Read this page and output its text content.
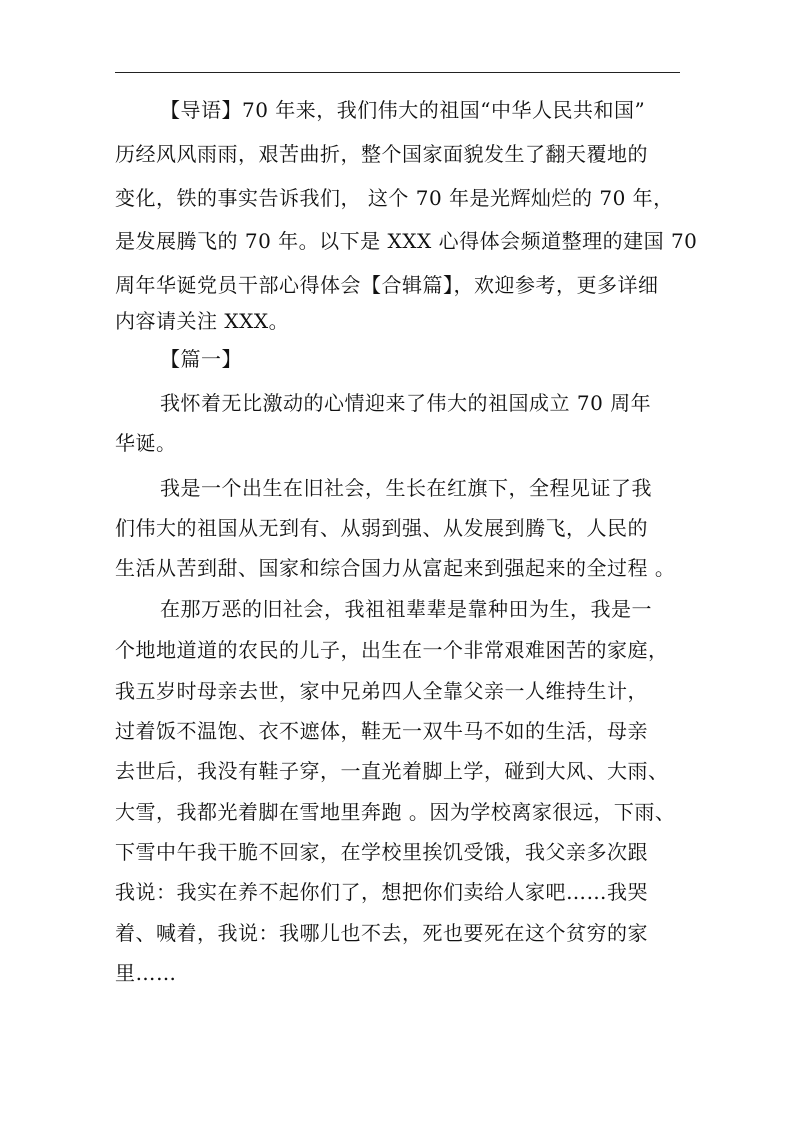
【导语】70 年来，我们伟大的祖国“中华人民共和国”
历经风风雨雨，艰苦曲折，整个国家面貌发生了翻天覆地的
变化，铁的事实告诉我们， 这个 70 年是光辉灿烂的 70 年，
是发展腾飞的 70 年。以下是 XXX 心得体会频道整理的建国 70
周年华诞党员干部心得体会【合辑篇】，欢迎参考，更多详细
内容请关注 XXX。
【篇一】
我怀着无比激动的心情迎来了伟大的祖国成立 70 周年
华诞。
我是一个出生在旧社会，生长在红旗下，全程见证了我
们伟大的祖国从无到有、从弱到强、从发展到腾飞，人民的
生活从苦到甜、国家和综合国力从富起来到强起来的全过程 。
在那万恶的旧社会，我祖祖辈辈是靠种田为生，我是一
个地地道道的农民的儿子，出生在一个非常艰难困苦的家庭，
我五岁时母亲去世，家中兄弟四人全靠父亲一人维持生计，
过着饭不温饱、衣不遮体，鞋无一双牛马不如的生活，母亲
去世后，我没有鞋子穿，一直光着脚上学，碰到大风、大雨、
大雪，我都光着脚在雪地里奔跑 。因为学校离家很远，下雨、
下雪中午我干脆不回家，在学校里挨饥受饿，我父亲多次跟
我说：我实在养不起你们了，想把你们卖给人家吧……我哭
着、喊着，我说：我哪儿也不去，死也要死在这个贫穷的家
里……
